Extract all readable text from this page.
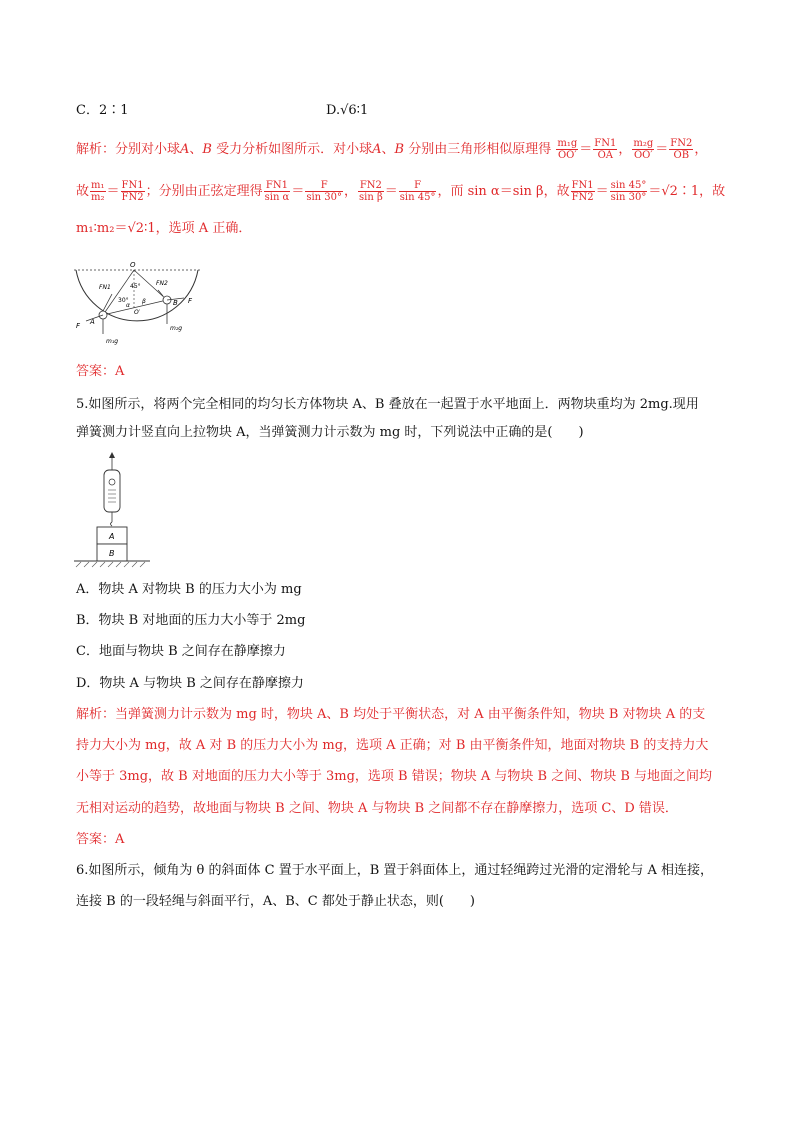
C．2∶1	D.√6∶1
解析：分别对小球A、B 受力分析如图所示．对小球A、B 分别由三角形相似原理得 $\frac{\text{m₁g}}{OO'} = \frac{FN1}{OA}$ ， $\frac{\text{m₂g}}{OO'} = \frac{FN2}{OB}$ ，
故 $\frac{\text{m₁}}{\text{m₂}} = \frac{FN1}{FN2}$ ；分别由正弦定理得 $\frac{FN1}{\text{sin α}} = \frac{F}{\sin 30^\circ}$ ， $\frac{FN2}{\text{sin β}} = \frac{F}{\sin 45^\circ}$ ，而 sin α＝sin β，故 $\frac{FN1}{FN2} = \frac{\sin 45^\circ}{\sin 30^\circ}$ ＝√2∶1，故
m₁∶m₂＝√2∶1，选项 A 正确．
O
FN1
FN2
30°
45°
α
β
O′
A
B
F
F
m₁g
m₂g
答案：A
5.如图所示，将两个完全相同的均匀长方体物块 A、B 叠放在一起置于水平地面上．两物块重均为 2mg.现用
弹簧测力计竖直向上拉物块 A，当弹簧测力计示数为 mg 时，下列说法中正确的是(　　)
A
B
A．物块 A 对物块 B 的压力大小为 mg
B．物块 B 对地面的压力大小等于 2mg
C．地面与物块 B 之间存在静摩擦力
D．物块 A 与物块 B 之间存在静摩擦力
解析：当弹簧测力计示数为 mg 时，物块 A、B 均处于平衡状态，对 A 由平衡条件知，物块 B 对物块 A 的支
持力大小为 mg，故 A 对 B 的压力大小为 mg，选项 A 正确；对 B 由平衡条件知，地面对物块 B 的支持力大
小等于 3mg，故 B 对地面的压力大小等于 3mg，选项 B 错误；物块 A 与物块 B 之间、物块 B 与地面之间均
无相对运动的趋势，故地面与物块 B 之间、物块 A 与物块 B 之间都不存在静摩擦力，选项 C、D 错误．
答案：A
6.如图所示，倾角为 θ 的斜面体 C 置于水平面上，B 置于斜面体上，通过轻绳跨过光滑的定滑轮与 A 相连接，
连接 B 的一段轻绳与斜面平行，A、B、C 都处于静止状态，则(　　)
